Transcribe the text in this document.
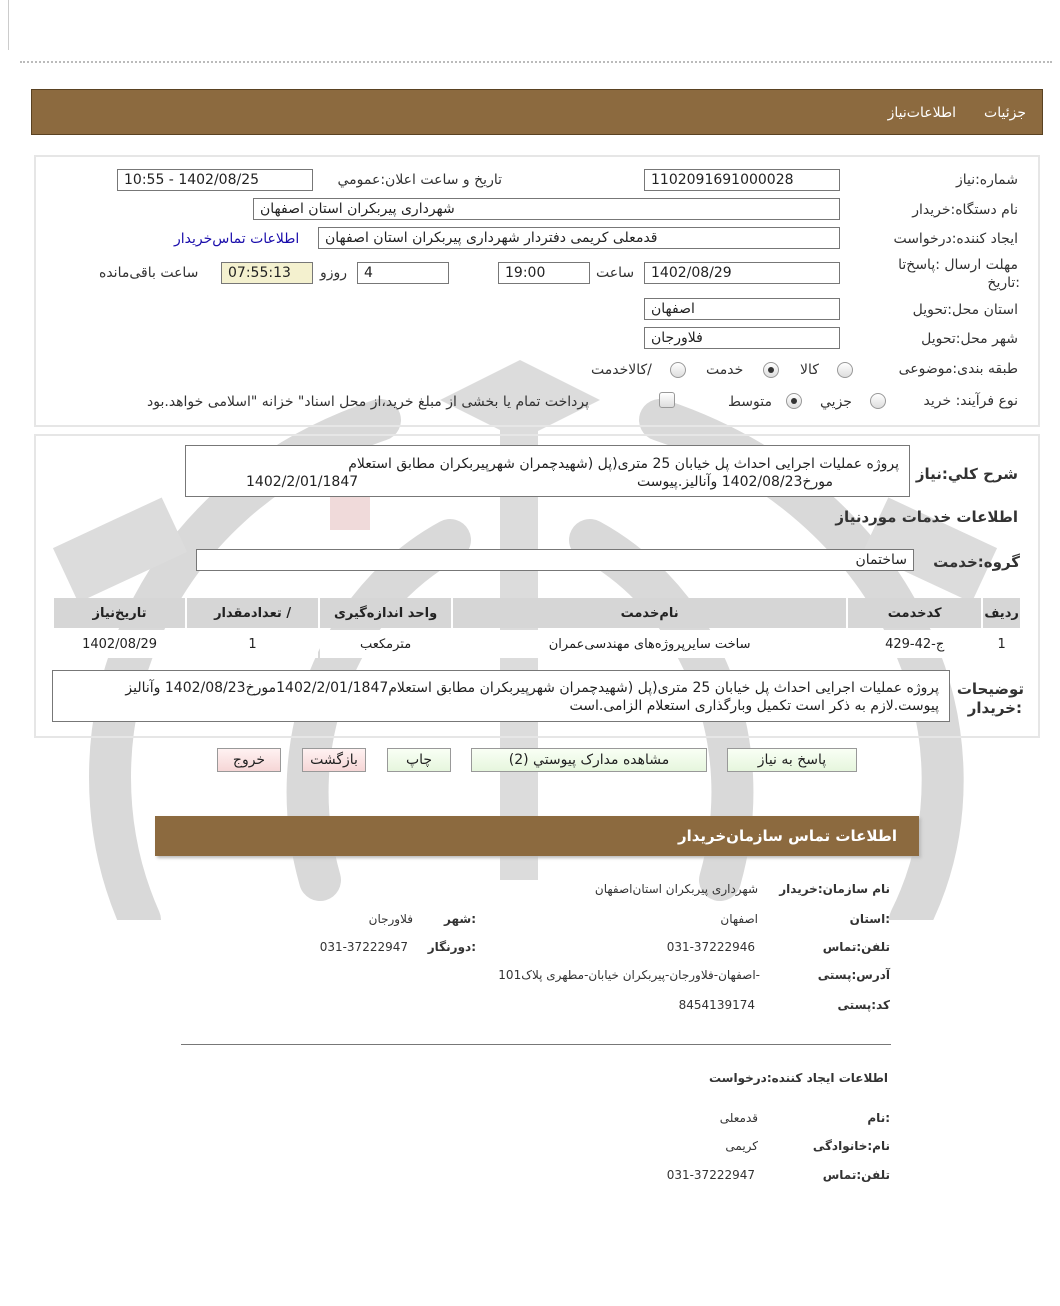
جزئیات
اطلاعات‌نیاز
شماره:نیاز
1102091691000028
تاریخ و ساعت اعلان:عمومي
1402/08/25 - 10:55
نام دستگاه:خریدار
شهرداری پیربکران استان اصفهان
ایجاد کننده:درخواست
قدمعلی کریمی دفتردار شهرداری پیربکران استان اصفهان
اطلاعات تماس‌خریدار
مهلت ارسال :پاسخ‌تا
:تاریخ
1402/08/29
ساعت
19:00
4
روزو
07:55:13
ساعت باقی‌مانده
استان محل:تحویل
اصفهان
شهر محل:تحویل
فلاورجان
طبقه بندی:موضوعی
کالا
خدمت
/کالاخدمت
نوع فرآیند: خرید
جزيي
متوسط
پرداخت تمام یا بخشی از مبلغ خرید،از محل اسناد" خزانه "اسلامی خواهد.بود
شرح کلي:نیاز
پروژه عملیات اجرایی احداث پل خیابان 25 متری(پل (شهیدچمران شهرپیربکران مطابق استعلام
مورخ1402/08/23 وآنالیز.پیوست
1402/2/01/1847
اطلاعات خدمات موردنیاز
گروه:خدمت
ساختمان
ردیف	کدخدمت	نام‌خدمت	واحد اندازه‌گیری	/ تعدادمقدار	تاریخ‌نیاز
1	ج-42-429	ساخت سایرپروژه‌های مهندسی‌عمران	مترمکعب	1	1402/08/29
توضیحات
:خریدار
پروژه عملیات اجرایی احداث پل خیابان 25 متری(پل (شهیدچمران شهرپیربکران مطابق استعلام1402/2/01/1847مورخ1402/08/23 وآنالیز
پیوست.لازم به ذکر است تکمیل وبارگذاری استعلام الزامی.است
پاسخ به نیاز
مشاهده مدارک پیوستي (2)
چاپ
بازگشت
خروج
اطلاعات تماس سازمان‌خریدار
نام سازمان:خریدار
شهرداری پیربکران استان‌اصفهان
:استان
اصفهان
:شهر
فلاورجان
تلفن:تماس
031-37222946
:دورنگار
031-37222947
آدرس:پستی
-اصفهان-فلاورجان-پیربکران خیابان-مطهری پلاک101
کد:پستی
8454139174
اطلاعات ایجاد کننده:درخواست
:نام
قدمعلی
نام:خانوادگی
کریمی
تلفن:تماس
031-37222947
